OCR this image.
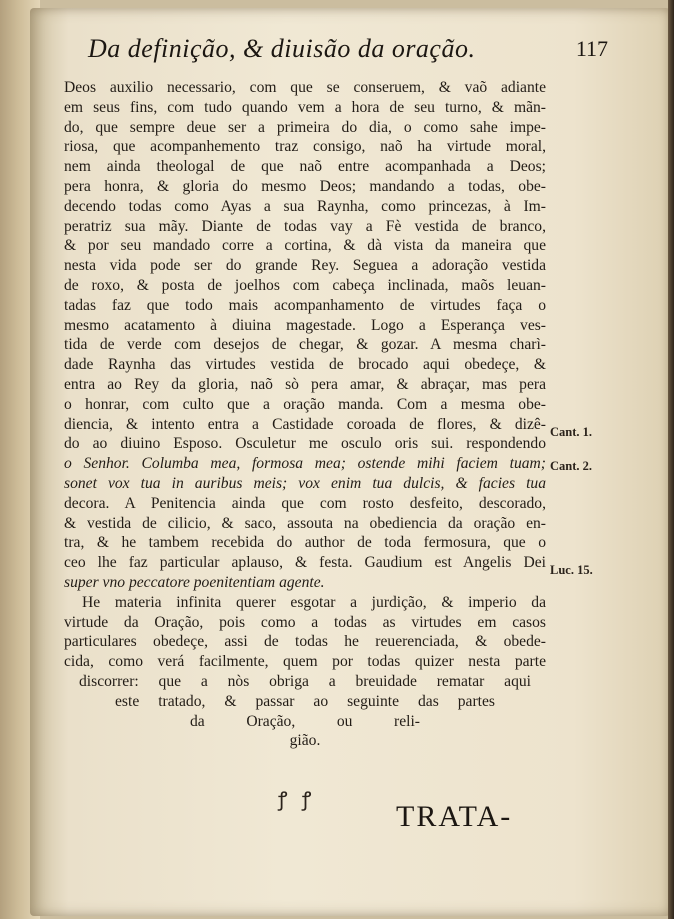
Da definição, & diuisão da oração.	117
Deos auxilio necessario, com que se conseruem, & vaõ adiante
em seus fins, com tudo quando vem a hora de seu turno, & mãn-
do, que sempre deue ser a primeira do dia, o como sahe impe-
riosa, que acompanhemento traz consigo, naõ ha virtude moral,
nem ainda theologal de que naõ entre acompanhada a Deos;
pera honra, & gloria do mesmo Deos; mandando a todas, obe-
decendo todas como Ayas a sua Raynha, como princezas, à Im-
peratriz sua mãy. Diante de todas vay a Fè vestida de branco,
& por seu mandado corre a cortina, & dà vista da maneira que
nesta vida pode ser do grande Rey. Seguea a adoração vestida
de roxo, & posta de joelhos com cabeça inclinada, maõs leuan-
tadas faz que todo mais acompanhamento de virtudes faça o
mesmo acatamento à diuina magestade. Logo a Esperança ves-
tida de verde com desejos de chegar, & gozar. A mesma charì-
dade Raynha das virtudes vestida de brocado aqui obedeçe, &
entra ao Rey da gloria, naõ sò pera amar, & abraçar, mas pera
o honrar, com culto que a oração manda. Com a mesma obe-
diencia, & intento entra a Castidade coroada de flores, & dizê-
do ao diuino Esposo. Osculetur me osculo oris sui. respondendo
o Senhor. Columba mea, formosa mea; ostende mihi faciem tuam;
sonet vox tua in auribus meis; vox enim tua dulcis, & facies tua
decora. A Penitencia ainda que com rosto desfeito, descorado,
& vestida de cilicio, & saco, assouta na obediencia da oração en-
tra, & he tambem recebida do author de toda fermosura, que o
ceo lhe faz particular aplauso, & festa. Gaudium est Angelis Dei
super vno peccatore poenitentiam agente.
He materia infinita querer esgotar a jurdição, & imperio da
virtude da Oração, pois como a todas as virtudes em casos
particulares obedeçe, assi de todas he reuerenciada, & obede-
cida, como verá facilmente, quem por todas quizer nesta parte
discorrer: que a nòs obriga a breuidade rematar aqui
este tratado, & passar ao seguinte das partes
da Oração, ou reli-
gião.
Cant. 1.
Cant. 2.
Luc. 15.
ꝭ ꝭ
TRATA-
